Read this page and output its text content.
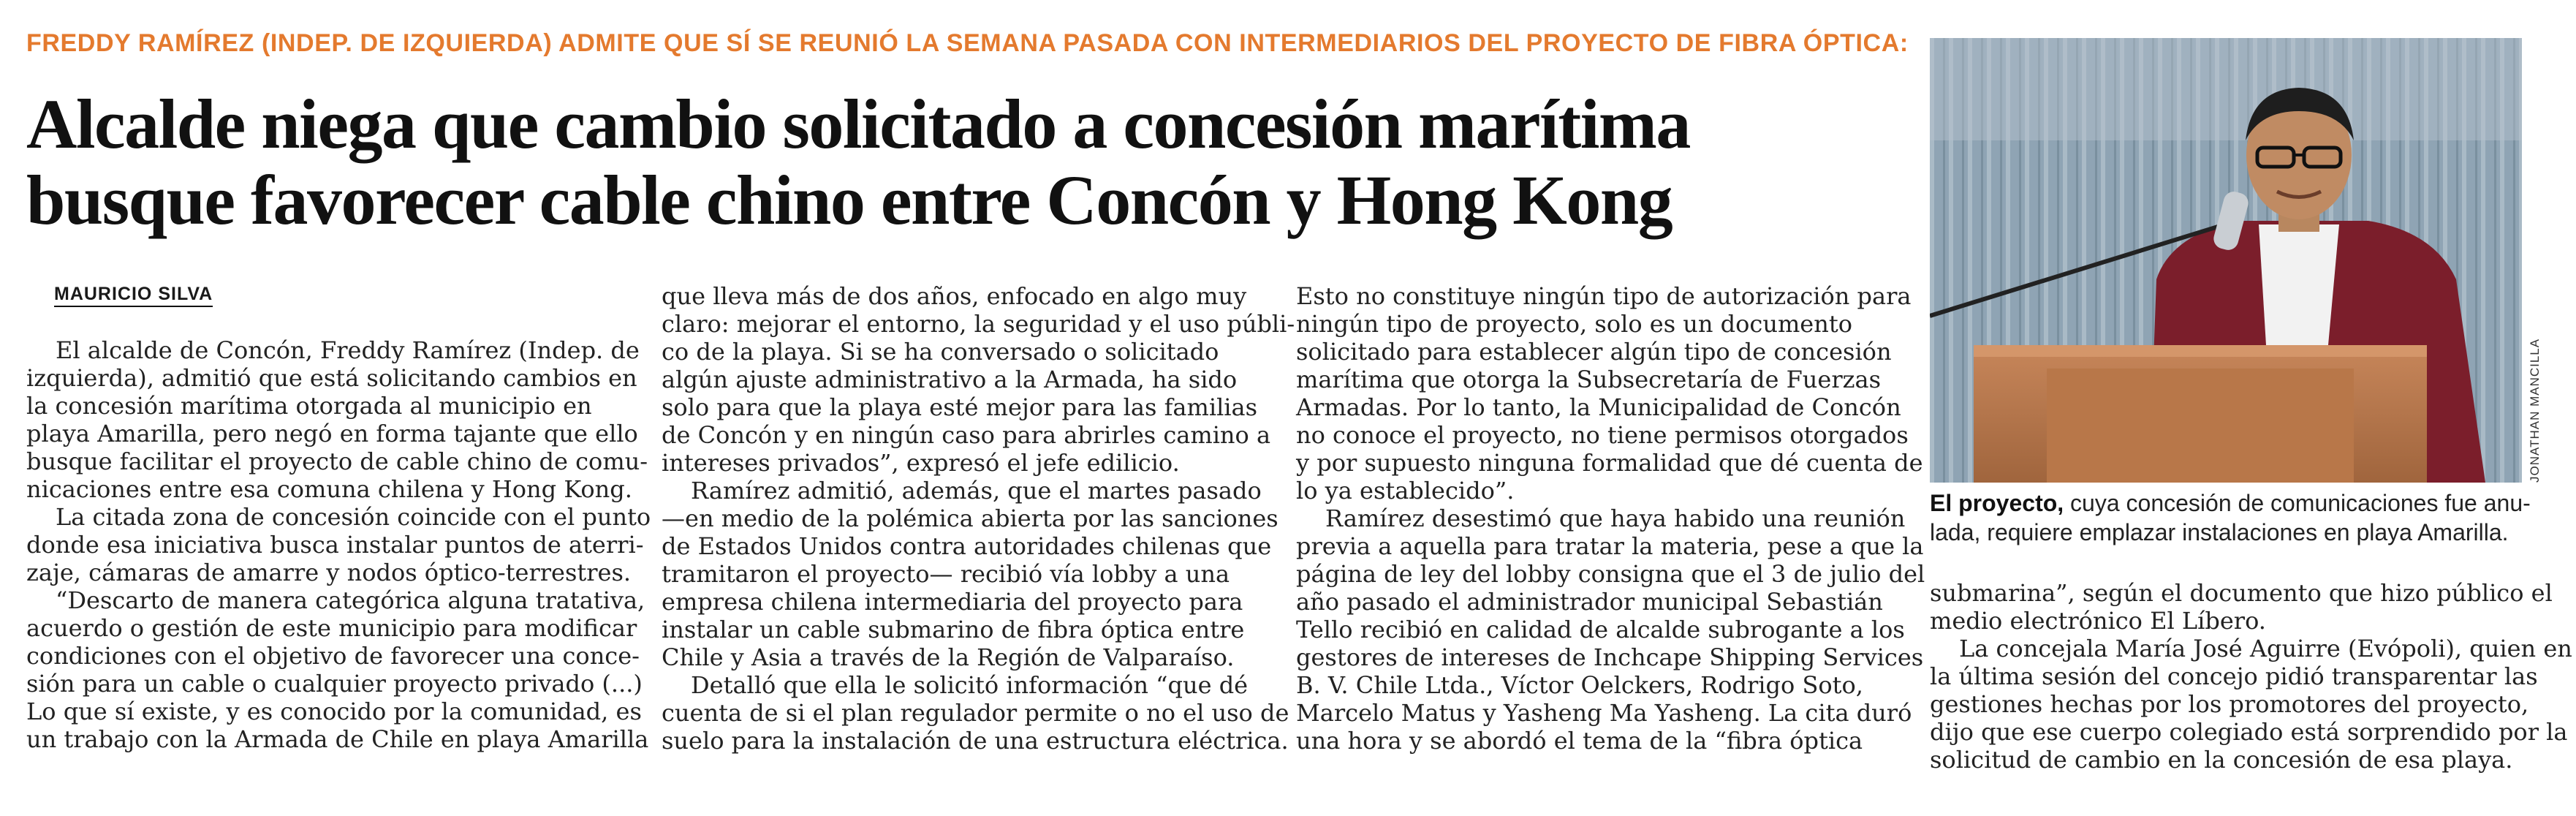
FREDDY RAMÍREZ (INDEP. DE IZQUIERDA) ADMITE QUE SÍ SE REUNIÓ LA SEMANA PASADA CON INTERMEDIARIOS DEL PROYECTO DE FIBRA ÓPTICA:
Alcalde niega que cambio solicitado a concesión marítima
busque favorecer cable chino entre Concón y Hong Kong
MAURICIO SILVA

El alcalde de Concón, Freddy Ramírez (Indep. de

izquierda), admitió que está solicitando cambios en

la concesión marítima otorgada al municipio en

playa Amarilla, pero negó en forma tajante que ello

busque facilitar el proyecto de cable chino de comu-

nicaciones entre esa comuna chilena y Hong Kong.

La citada zona de concesión coincide con el punto

donde esa iniciativa busca instalar puntos de aterri-

zaje, cámaras de amarre y nodos óptico-terrestres.

“Descarto de manera categórica alguna tratativa,

acuerdo o gestión de este municipio para modificar

condiciones con el objetivo de favorecer una conce-

sión para un cable o cualquier proyecto privado (...)

Lo que sí existe, y es conocido por la comunidad, es

un trabajo con la Armada de Chile en playa Amarilla

que lleva más de dos años, enfocado en algo muy

claro: mejorar el entorno, la seguridad y el uso públi-

co de la playa. Si se ha conversado o solicitado

algún ajuste administrativo a la Armada, ha sido

solo para que la playa esté mejor para las familias

de Concón y en ningún caso para abrirles camino a

intereses privados”, expresó el jefe edilicio.

Ramírez admitió, además, que el martes pasado

—en medio de la polémica abierta por las sanciones

de Estados Unidos contra autoridades chilenas que

tramitaron el proyecto— recibió vía lobby a una

empresa chilena intermediaria del proyecto para

instalar un cable submarino de fibra óptica entre

Chile y Asia a través de la Región de Valparaíso.

Detalló que ella le solicitó información “que dé

cuenta de si el plan regulador permite o no el uso de

suelo para la instalación de una estructura eléctrica.

Esto no constituye ningún tipo de autorización para

ningún tipo de proyecto, solo es un documento

solicitado para establecer algún tipo de concesión

marítima que otorga la Subsecretaría de Fuerzas

Armadas. Por lo tanto, la Municipalidad de Concón

no conoce el proyecto, no tiene permisos otorgados

y por supuesto ninguna formalidad que dé cuenta de

lo ya establecido”.

Ramírez desestimó que haya habido una reunión

previa a aquella para tratar la materia, pese a que la

página de ley del lobby consigna que el 3 de julio del

año pasado el administrador municipal Sebastián

Tello recibió en calidad de alcalde subrogante a los

gestores de intereses de Inchcape Shipping Services

B. V. Chile Ltda., Víctor Oelckers, Rodrigo Soto,

Marcelo Matus y Yasheng Ma Yasheng. La cita duró

una hora y se abordó el tema de la “fibra óptica

JONATHAN MANCILLA
El proyecto, cuya concesión de comunicaciones fue anu-
lada, requiere emplazar instalaciones en playa Amarilla.

submarina”, según el documento que hizo público el

medio electrónico El Líbero.

La concejala María José Aguirre (Evópoli), quien en

la última sesión del concejo pidió transparentar las

gestiones hechas por los promotores del proyecto,

dijo que ese cuerpo colegiado está sorprendido por la

solicitud de cambio en la concesión de esa playa.
